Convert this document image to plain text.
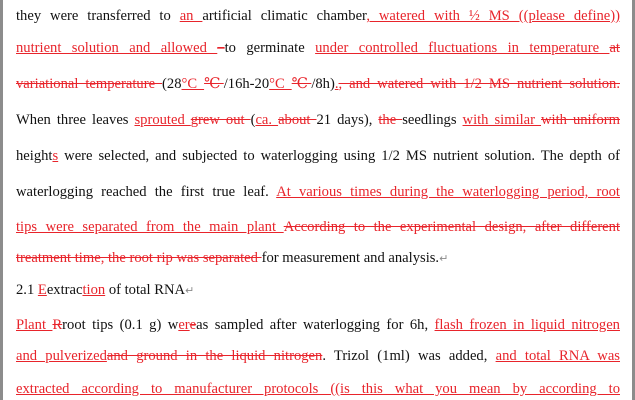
they were transferred to an artificial climatic chamber, watered with ½ MS ((please define))
nutrient solution and allowed –to germinate under controlled fluctuations in temperature at
variational temperature (28°C ℃/16h-20°C ℃/8h)., and watered with 1/2 MS nutrient solution.
When three leaves sprouted grew out (ca. about 21 days), the seedlings with similar with uniform
heights were selected, and subjected to waterlogging using 1/2 MS nutrient solution. The depth of
waterlogging reached the first true leaf. At various times during the waterlogging period, root
tips were separated from the main plant According to the experimental design, after different
treatment time, the root rip was separated for measurement and analysis.↵
2.1 Eextraction of total RNA↵
Plant Rroot tips (0.1 g) wereas sampled after waterlogging for 6h, flash frozen in liquid nitrogen
and pulverizedand ground in the liquid nitrogen. Trizol (1ml) was added, and total RNA was
extracted according to manufacturer protocols ((is this what you mean by according to
